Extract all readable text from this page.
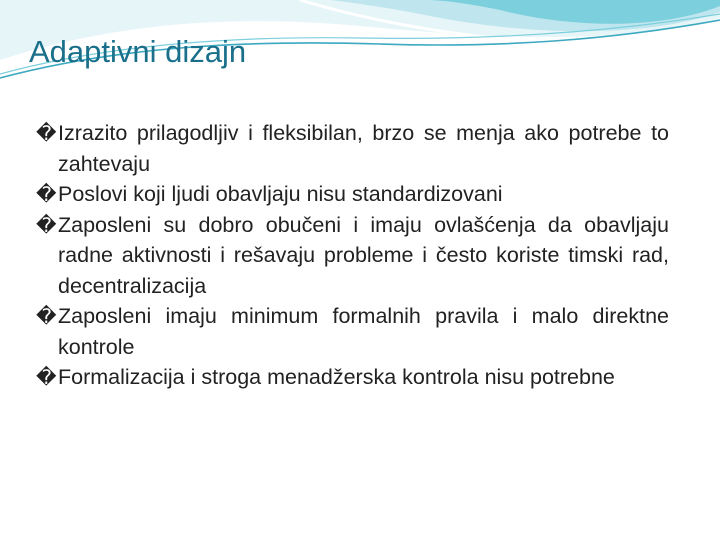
Adaptivni dizajn
� Izrazito prilagodljiv i fleksibilan, brzo se menja ako potrebe to zahtevaju
� Poslovi koji ljudi obavljaju nisu standardizovani
� Zaposleni su dobro obučeni i imaju ovlašćenja da obavljaju radne aktivnosti i rešavaju probleme i često koriste timski rad, decentralizacija
� Zaposleni imaju minimum formalnih pravila i malo direktne kontrole
� Formalizacija i stroga menadžerska kontrola nisu potrebne
